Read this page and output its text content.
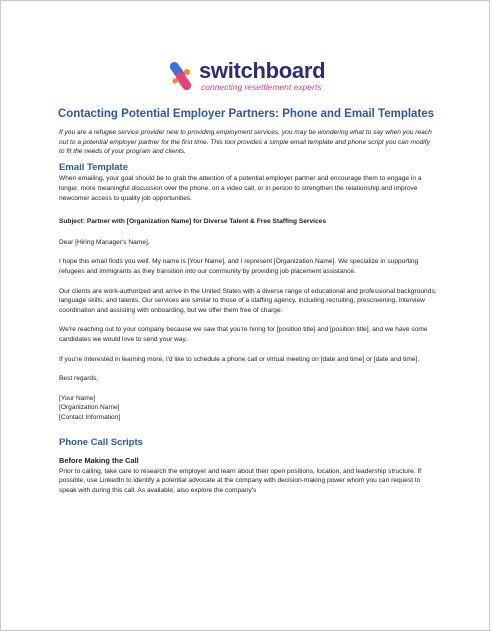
switchboard
connecting resettlement experts
Contacting Potential Employer Partners: Phone and Email Templates

If you are a refugee service provider new to providing employment services, you may be wondering what to say when you reach out to a potential employer partner for the first time. This tool provides a simple email template and phone script you can modify to fit the needs of your program and clients.

Email Template

When emailing, your goal should be to grab the attention of a potential employer partner and encourage them to engage in a longer, more meaningful discussion over the phone, on a video call, or in person to strengthen the relationship and improve newcomer access to quality job opportunities.

Subject: Partner with [Organization Name] for Diverse Talent & Free Staffing Services

Dear [Hiring Manager's Name],

I hope this email finds you well. My name is [Your Name], and I represent [Organization Name]. We specialize in supporting refugees and immigrants as they transition into our community by providing job placement assistance.

Our clients are work-authorized and arrive in the United States with a diverse range of educational and professional backgrounds, language skills, and talents. Our services are similar to those of a staffing agency, including recruiting, prescreening, interview coordination and assisting with onboarding, but we offer them free of charge.

We're reaching out to your company because we saw that you're hiring for [position title] and [position title], and we have some candidates we would love to send your way.

If you're interested in learning more, I'd like to schedule a phone call or virtual meeting on [date and time] or [date and time].

Best regards,

[Your Name]

[Organization Name]

[Contact Information]

Phone Call Scripts

Before Making the Call

Prior to calling, take care to research the employer and learn about their open positions, location, and leadership structure. If possible, use LinkedIn to identify a potential advocate at the company with decision-making power whom you can request to speak with during this call. As available, also explore the company's
